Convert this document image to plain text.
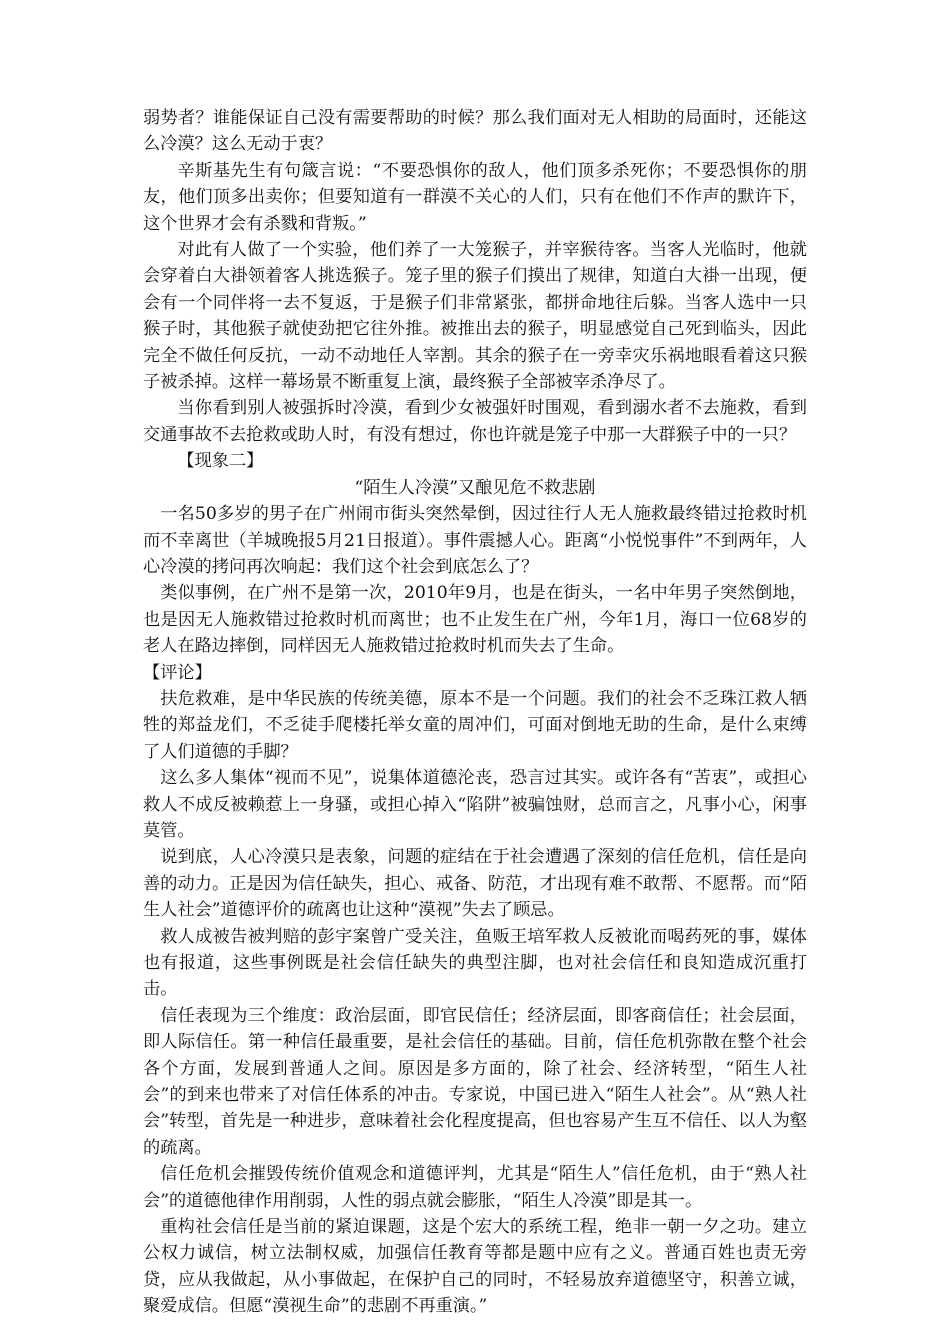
弱势者？谁能保证自己没有需要帮助的时候？那么我们面对无人相助的局面时，还能这么冷漠？这么无动于衷？

辛斯基先生有句箴言说：“不要恐惧你的敌人，他们顶多杀死你；不要恐惧你的朋友，他们顶多出卖你；但要知道有一群漠不关心的人们，只有在他们不作声的默许下，这个世界才会有杀戮和背叛。”

对此有人做了一个实验，他们养了一大笼猴子，并宰猴待客。当客人光临时，他就会穿着白大褂领着客人挑选猴子。笼子里的猴子们摸出了规律，知道白大褂一出现，便会有一个同伴将一去不复返，于是猴子们非常紧张，都拼命地往后躲。当客人选中一只猴子时，其他猴子就使劲把它往外推。被推出去的猴子，明显感觉自己死到临头，因此完全不做任何反抗，一动不动地任人宰割。其余的猴子在一旁幸灾乐祸地眼看着这只猴子被杀掉。这样一幕场景不断重复上演，最终猴子全部被宰杀净尽了。

当你看到别人被强拆时冷漠，看到少女被强奸时围观，看到溺水者不去施救，看到交通事故不去抢救或助人时，有没有想过，你也许就是笼子中那一大群猴子中的一只？

【现象二】

“陌生人冷漠”又酿见危不救悲剧

一名50多岁的男子在广州闹市街头突然晕倒，因过往行人无人施救最终错过抢救时机而不幸离世（羊城晚报5月21日报道）。事件震撼人心。距离“小悦悦事件”不到两年，人心冷漠的拷问再次响起：我们这个社会到底怎么了？

类似事例，在广州不是第一次，2010年9月，也是在街头，一名中年男子突然倒地，也是因无人施救错过抢救时机而离世；也不止发生在广州，今年1月，海口一位68岁的老人在路边摔倒，同样因无人施救错过抢救时机而失去了生命。

【评论】

扶危救难，是中华民族的传统美德，原本不是一个问题。我们的社会不乏珠江救人牺牲的郑益龙们，不乏徒手爬楼托举女童的周冲们，可面对倒地无助的生命，是什么束缚了人们道德的手脚？

这么多人集体“视而不见”，说集体道德沦丧，恐言过其实。或许各有“苦衷”，或担心救人不成反被赖惹上一身骚，或担心掉入“陷阱”被骗蚀财，总而言之，凡事小心，闲事莫管。

说到底，人心冷漠只是表象，问题的症结在于社会遭遇了深刻的信任危机，信任是向善的动力。正是因为信任缺失，担心、戒备、防范，才出现有难不敢帮、不愿帮。而“陌生人社会”道德评价的疏离也让这种“漠视”失去了顾忌。

救人成被告被判赔的彭宇案曾广受关注，鱼贩王培军救人反被讹而喝药死的事，媒体也有报道，这些事例既是社会信任缺失的典型注脚，也对社会信任和良知造成沉重打击。

信任表现为三个维度：政治层面，即官民信任；经济层面，即客商信任；社会层面，即人际信任。第一种信任最重要，是社会信任的基础。目前，信任危机弥散在整个社会各个方面，发展到普通人之间。原因是多方面的，除了社会、经济转型，“陌生人社会”的到来也带来了对信任体系的冲击。专家说，中国已进入“陌生人社会”。从“熟人社会”转型，首先是一种进步，意味着社会化程度提高，但也容易产生互不信任、以人为壑的疏离。

信任危机会摧毁传统价值观念和道德评判，尤其是“陌生人”信任危机，由于“熟人社会”的道德他律作用削弱，人性的弱点就会膨胀，“陌生人冷漠”即是其一。

重构社会信任是当前的紧迫课题，这是个宏大的系统工程，绝非一朝一夕之功。建立公权力诚信，树立法制权威，加强信任教育等都是题中应有之义。普通百姓也责无旁贷，应从我做起，从小事做起，在保护自己的同时，不轻易放弃道德坚守，积善立诚，聚爱成信。但愿“漠视生命”的悲剧不再重演。”
